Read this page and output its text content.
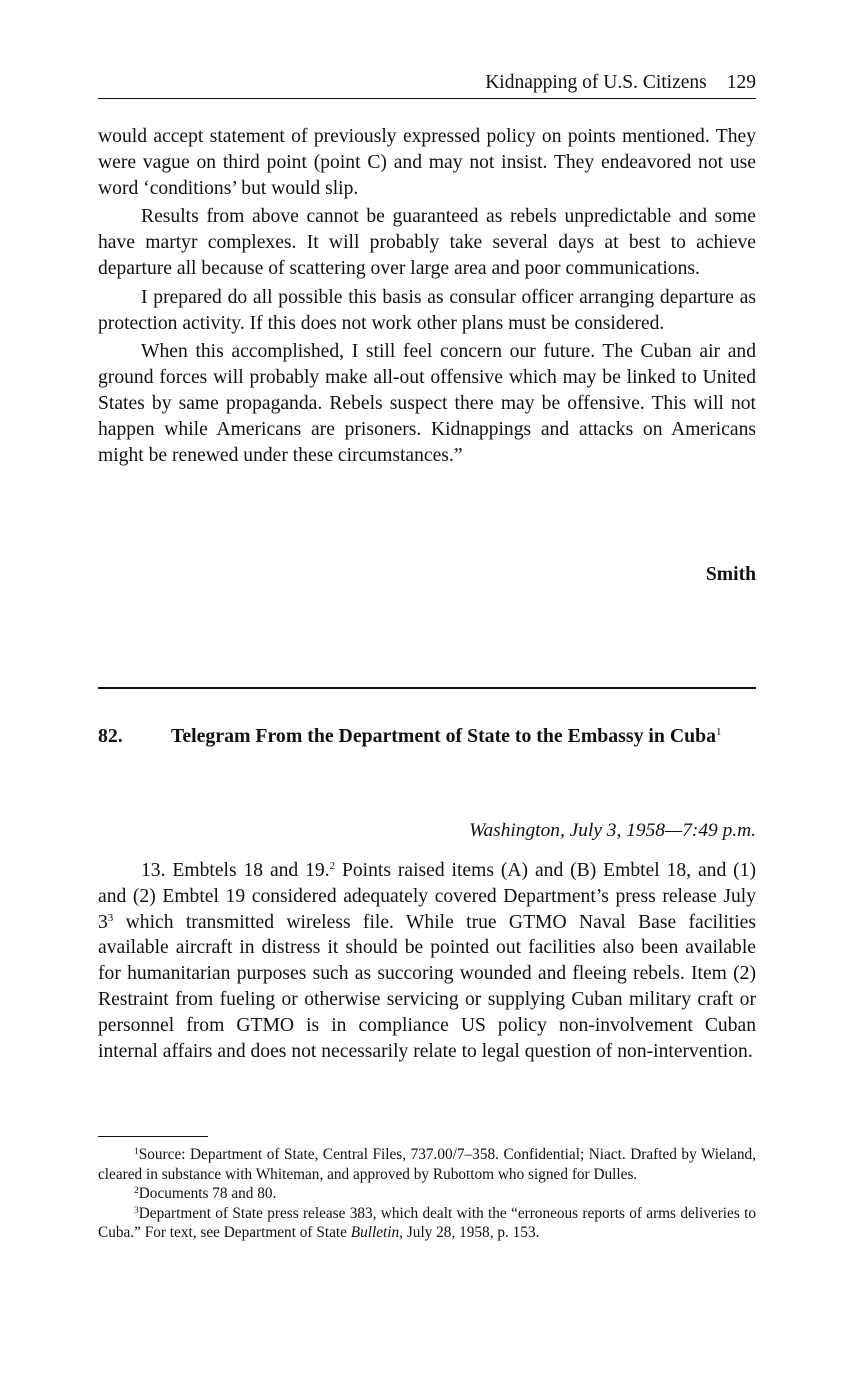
Kidnapping of U.S. Citizens 129

would accept statement of previously expressed policy on points mentioned. They were vague on third point (point C) and may not insist. They endeavored not use word ‘conditions’ but would slip.

Results from above cannot be guaranteed as rebels unpredictable and some have martyr complexes. It will probably take several days at best to achieve departure all because of scattering over large area and poor communications.

I prepared do all possible this basis as consular officer arranging departure as protection activity. If this does not work other plans must be considered.

When this accomplished, I still feel concern our future. The Cuban air and ground forces will probably make all-out offensive which may be linked to United States by same propaganda. Rebels suspect there may be offensive. This will not happen while Americans are prisoners. Kidnappings and attacks on Americans might be renewed under these circumstances.”

Smith
82. Telegram From the Department of State to the Embassy in Cuba$^1$
Washington, July 3, 1958—7:49 p.m.

13. Embtels 18 and 19.$^2$ Points raised items (A) and (B) Embtel 18, and (1) and (2) Embtel 19 considered adequately covered Department’s press release July $3^3$ which transmitted wireless file. While true GTMO Naval Base facilities available aircraft in distress it should be pointed out facilities also been available for humanitarian purposes such as succoring wounded and fleeing rebels. Item (2) Restraint from fueling or otherwise servicing or supplying Cuban military craft or personnel from GTMO is in compliance US policy non-involvement Cuban internal affairs and does not necessarily relate to legal question of non-intervention.

$^1$Source: Department of State, Central Files, 737.00/7–358. Confidential; Niact. Drafted by Wieland, cleared in substance with Whiteman, and approved by Rubottom who signed for Dulles.

$^2$Documents 78 and 80.

$^3$Department of State press release 383, which dealt with the “erroneous reports of arms deliveries to Cuba.” For text, see Department of State Bulletin, July 28, 1958, p. 153.
